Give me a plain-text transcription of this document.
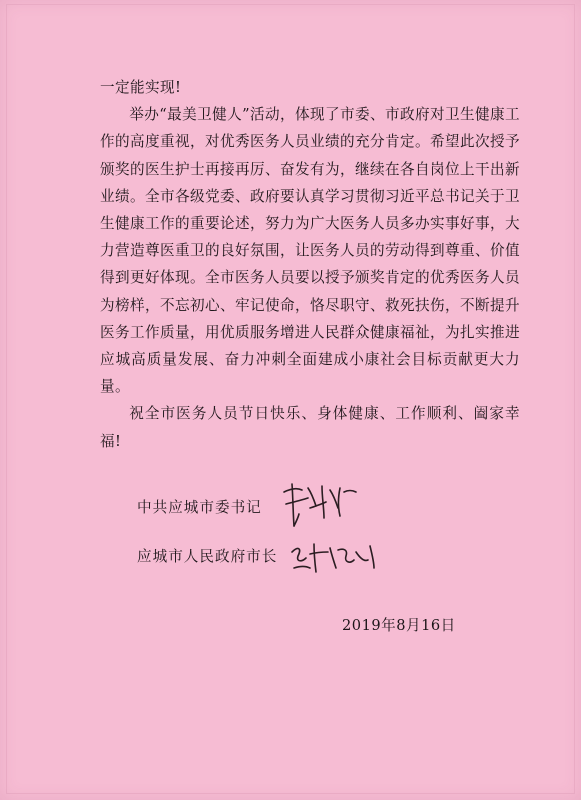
一定能实现!

举办“最美卫健人”活动，体现了市委、市政府对卫生健康工作的高度重视，对优秀医务人员业绩的充分肯定。希望此次授予颁奖的医生护士再接再厉、奋发有为，继续在各自岗位上干出新业绩。全市各级党委、政府要认真学习贯彻习近平总书记关于卫生健康工作的重要论述，努力为广大医务人员多办实事好事，大力营造尊医重卫的良好氛围，让医务人员的劳动得到尊重、价值得到更好体现。全市医务人员要以授予颁奖肯定的优秀医务人员为榜样，不忘初心、牢记使命，恪尽职守、救死扶伤，不断提升医务工作质量，用优质服务增进人民群众健康福祉，为扎实推进应城高质量发展、奋力冲刺全面建成小康社会目标贡献更大力量。

祝全市医务人员节日快乐、身体健康、工作顺利、阖家幸福!

中共应城市委书记
应城市人民政府市长
2019年8月16日
